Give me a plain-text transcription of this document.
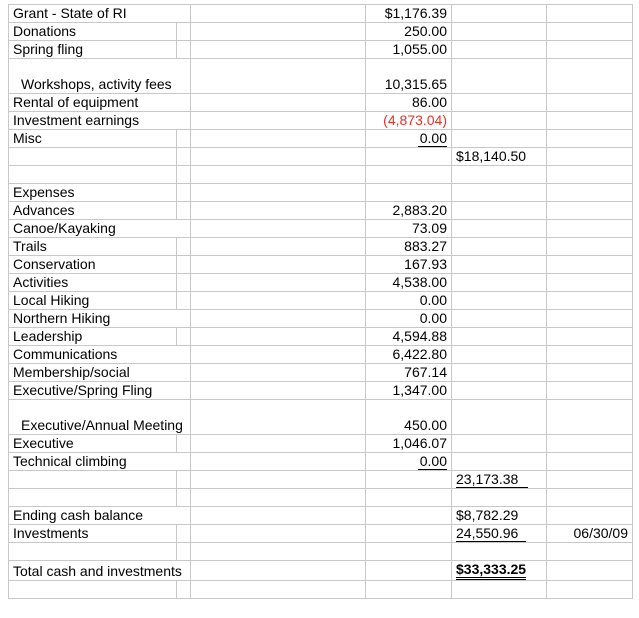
Grant - State of RI			$1,176.39		
Donations			250.00		
Spring fling			1,055.00		
Workshops, activity fees			10,315.65		
Rental of equipment			86.00		
Investment earnings			(4,873.04)		
Misc			0.00		
				$18,140.50	

Expenses					
Advances			2,883.20		
Canoe/Kayaking			73.09		
Trails			883.27		
Conservation			167.93		
Activities			4,538.00		
Local Hiking			0.00		
Northern Hiking			0.00		
Leadership			4,594.88		
Communications			6,422.80		
Membership/social			767.14		
Executive/Spring Fling			1,347.00		
Executive/Annual Meeting			450.00		
Executive			1,046.07		
Technical climbing			0.00		
				23,173.38	

Ending cash balance				$8,782.29	
Investments				24,550.96	06/30/09

Total cash and investments				$33,333.25	
